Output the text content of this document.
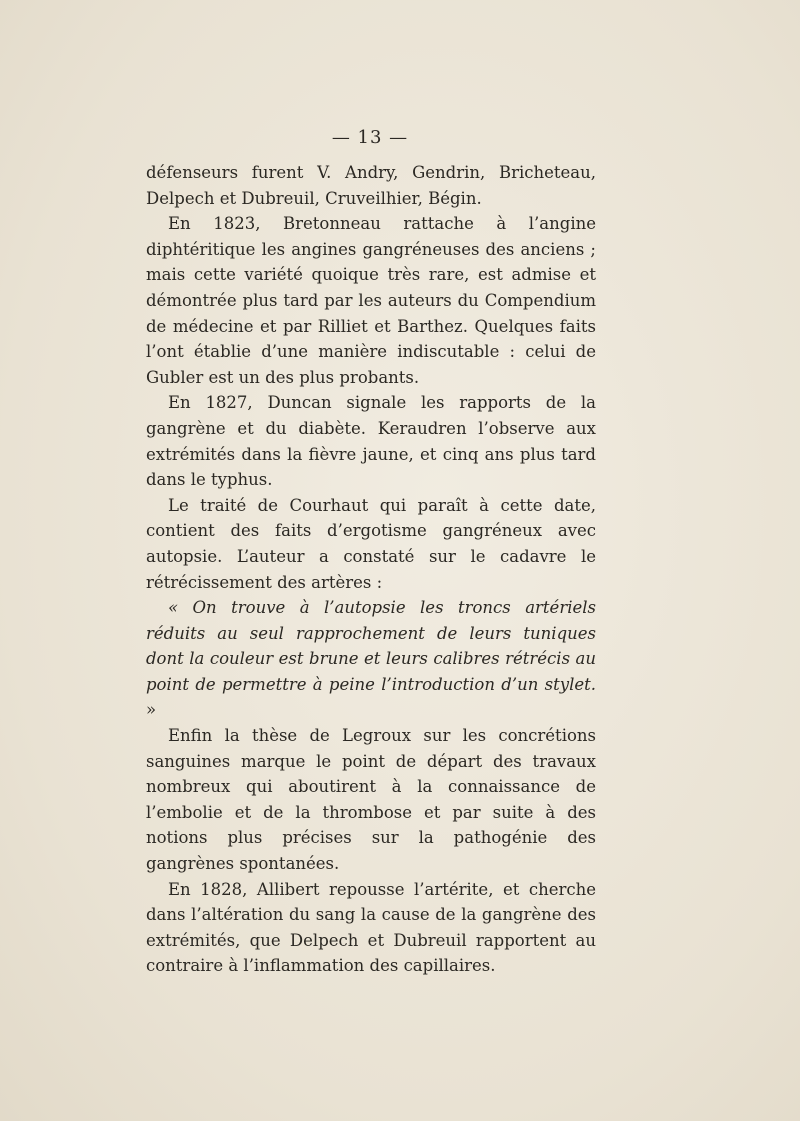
— 13 —

défenseurs furent V. Andry, Gendrin, Bricheteau, Delpech et Dubreuil, Cruveilhier, Bégin.

En 1823, Bretonneau rattache à l’angine diphtéritique les angines gangréneuses des anciens ; mais cette variété quoique très rare, est admise et démontrée plus tard par les auteurs du Compendium de médecine et par Rilliet et Barthez. Quelques faits l’ont établie d’une manière indiscutable : celui de Gubler est un des plus probants.

En 1827, Duncan signale les rapports de la gangrène et du diabète. Keraudren l’observe aux extrémités dans la fièvre jaune, et cinq ans plus tard dans le typhus.

Le traité de Courhaut qui paraît à cette date, contient des faits d’ergotisme gangréneux avec autopsie. L’auteur a constaté sur le cadavre le rétrécissement des artères :

« On trouve à l’autopsie les troncs artériels réduits au seul rapprochement de leurs tuniques dont la couleur est brune et leurs calibres rétrécis au point de permettre à peine l’introduction d’un stylet. »

Enfin la thèse de Legroux sur les concrétions sanguines marque le point de départ des travaux nombreux qui aboutirent à la connaissance de l’embolie et de la thrombose et par suite à des notions plus précises sur la pathogénie des gangrènes spontanées.

En 1828, Allibert repousse l’artérite, et cherche dans l’altération du sang la cause de la gangrène des extrémités, que Delpech et Dubreuil rapportent au contraire à l’inflammation des capillaires.
